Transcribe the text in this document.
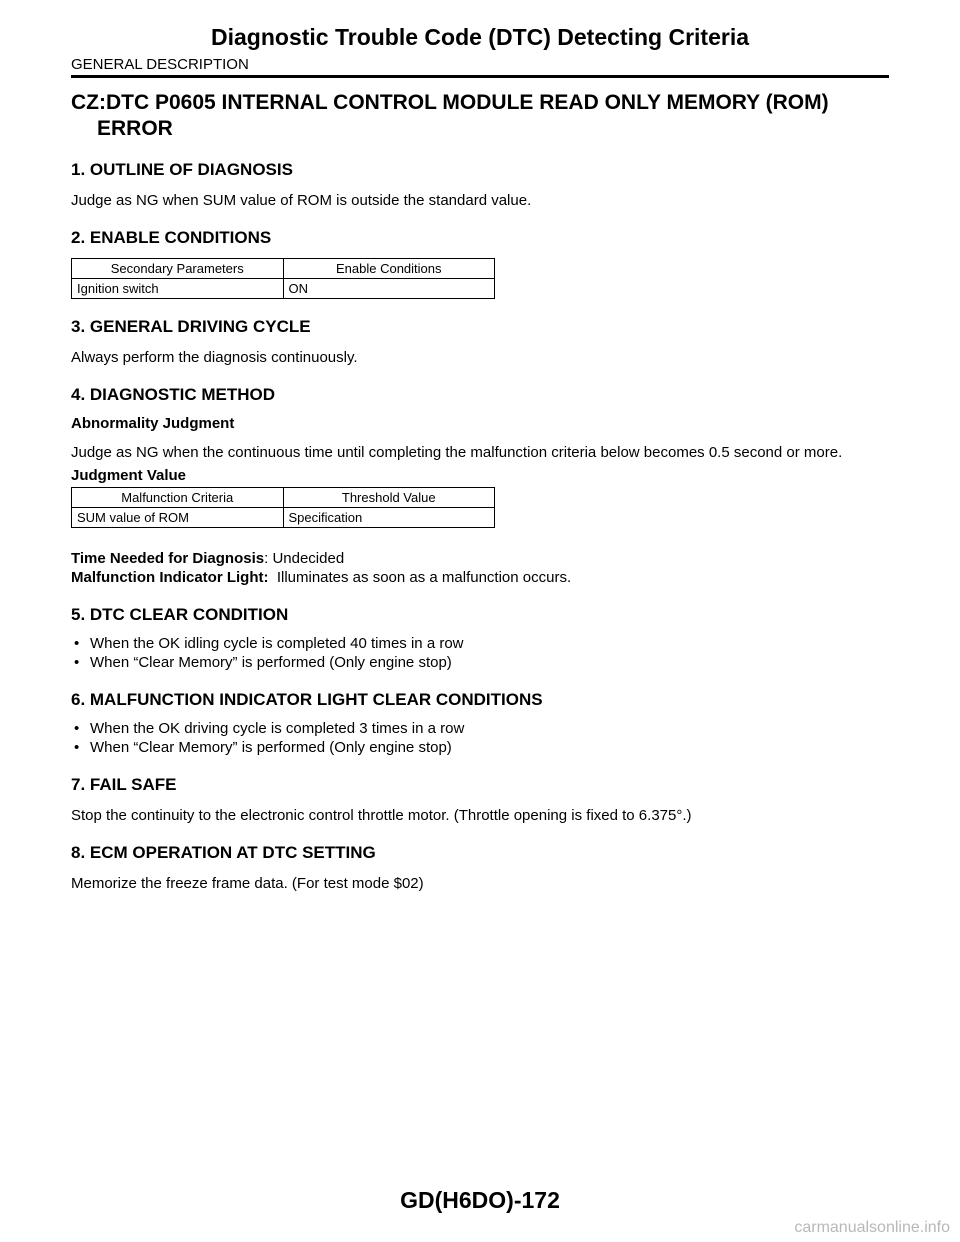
Diagnostic Trouble Code (DTC) Detecting Criteria
GENERAL DESCRIPTION
CZ:DTC P0605 INTERNAL CONTROL MODULE READ ONLY MEMORY (ROM) ERROR
1. OUTLINE OF DIAGNOSIS

Judge as NG when SUM value of ROM is outside the standard value.

2. ENABLE CONDITIONS
Secondary Parameters	Enable Conditions
Ignition switch	ON
3. GENERAL DRIVING CYCLE

Always perform the diagnosis continuously.

4. DIAGNOSTIC METHOD
Abnormality Judgment

Judge as NG when the continuous time until completing the malfunction criteria below becomes 0.5 second or more.

Judgment Value
Malfunction Criteria	Threshold Value
SUM value of ROM	Specification
Time Needed for Diagnosis: Undecided
Malfunction Indicator Light:  Illuminates as soon as a malfunction occurs.
5. DTC CLEAR CONDITION
• When the OK idling cycle is completed 40 times in a row
• When “Clear Memory” is performed (Only engine stop)
6. MALFUNCTION INDICATOR LIGHT CLEAR CONDITIONS
• When the OK driving cycle is completed 3 times in a row
• When “Clear Memory” is performed (Only engine stop)
7. FAIL SAFE

Stop the continuity to the electronic control throttle motor. (Throttle opening is fixed to 6.375°.)

8. ECM OPERATION AT DTC SETTING

Memorize the freeze frame data. (For test mode $02)

GD(H6DO)-172
carmanualsonline.info
